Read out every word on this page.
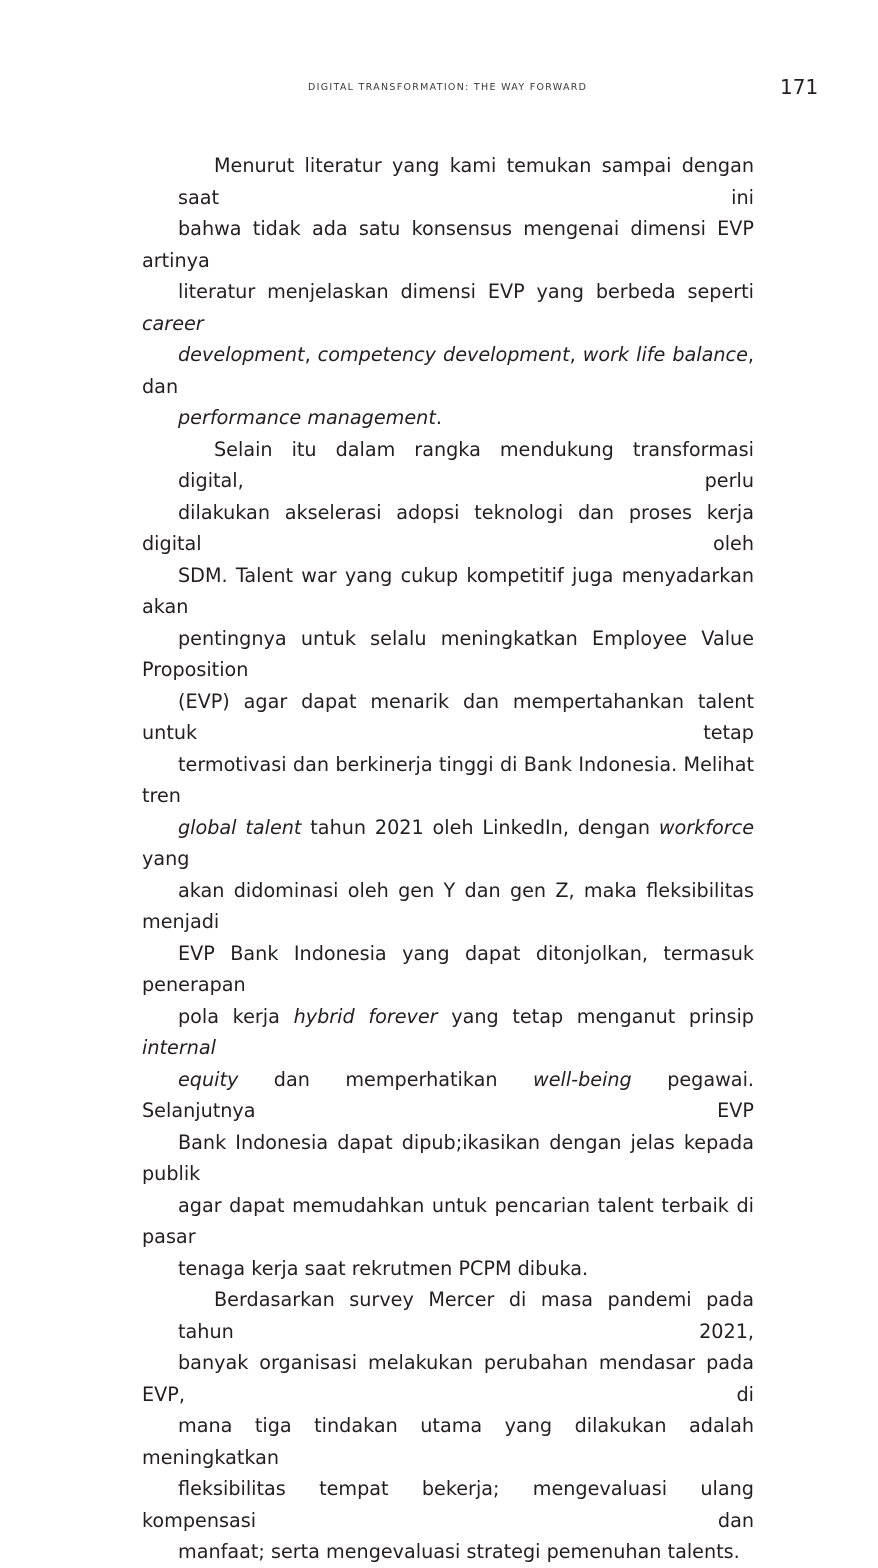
DIGITAL TRANSFORMATION: THE WAY FORWARD	171

Menurut literatur yang kami temukan sampai dengan saat ini
bahwa tidak ada satu konsensus mengenai dimensi EVP artinya
literatur menjelaskan dimensi EVP yang berbeda seperti career
development, competency development, work life balance, dan
performance management.

Selain itu dalam rangka mendukung transformasi digital, perlu
dilakukan akselerasi adopsi teknologi dan proses kerja digital oleh
SDM. Talent war yang cukup kompetitif juga menyadarkan akan
pentingnya untuk selalu meningkatkan Employee Value Proposition
(EVP) agar dapat menarik dan mempertahankan talent untuk tetap
termotivasi dan berkinerja tinggi di Bank Indonesia. Melihat tren
global talent tahun 2021 oleh LinkedIn, dengan workforce yang
akan didominasi oleh gen Y dan gen Z, maka fleksibilitas menjadi
EVP Bank Indonesia yang dapat ditonjolkan, termasuk penerapan
pola kerja hybrid forever yang tetap menganut prinsip internal
equity dan memperhatikan well-being pegawai. Selanjutnya EVP
Bank Indonesia dapat dipub;ikasikan dengan jelas kepada publik
agar dapat memudahkan untuk pencarian talent terbaik di pasar
tenaga kerja saat rekrutmen PCPM dibuka.

Berdasarkan survey Mercer di masa pandemi pada tahun 2021,
banyak organisasi melakukan perubahan mendasar pada EVP, di
mana tiga tindakan utama yang dilakukan adalah meningkatkan
fleksibilitas tempat bekerja; mengevaluasi ulang kompensasi dan
manfaat; serta mengevaluasi strategi pemenuhan talents.
